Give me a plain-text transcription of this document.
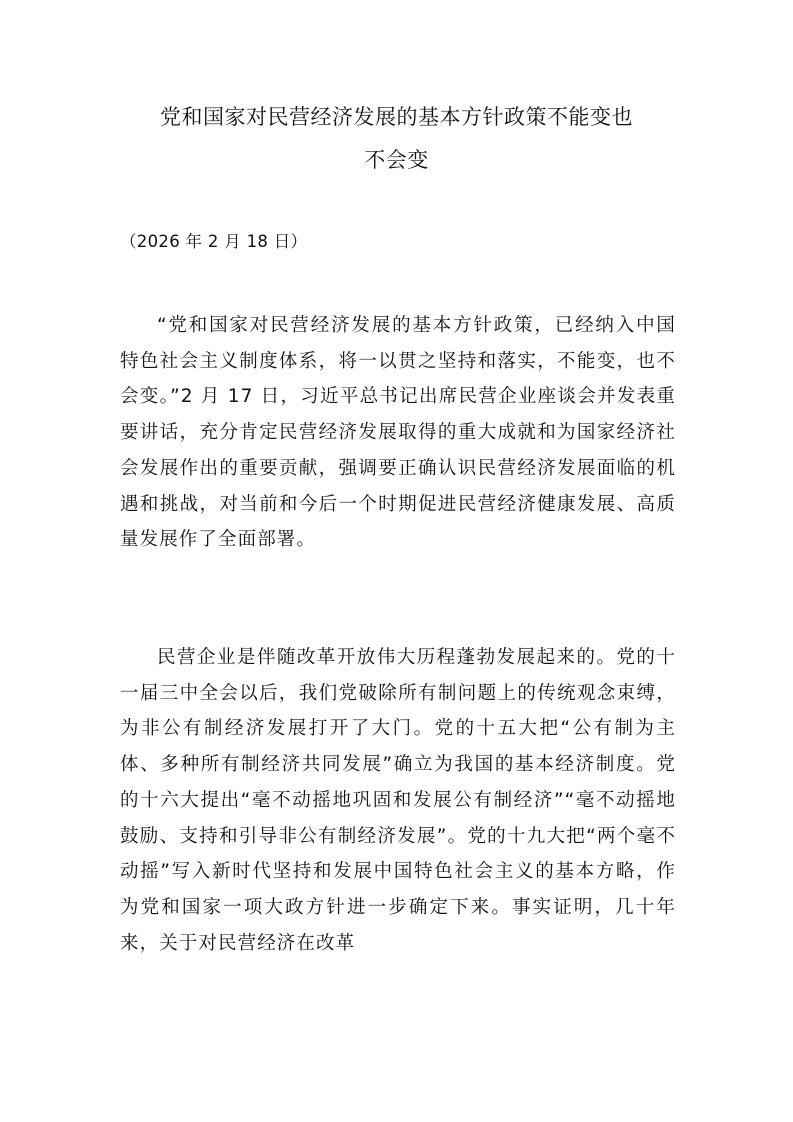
党和国家对民营经济发展的基本方针政策不能变也
不会变
（2026 年 2 月 18 日）

“党和国家对民营经济发展的基本方针政策，已经纳入中国特色社会主义制度体系，将一以贯之坚持和落实，不能变，也不会变。”2 月 17 日，习近平总书记出席民营企业座谈会并发表重要讲话，充分肯定民营经济发展取得的重大成就和为国家经济社会发展作出的重要贡献，强调要正确认识民营经济发展面临的机遇和挑战，对当前和今后一个时期促进民营经济健康发展、高质量发展作了全面部署。

民营企业是伴随改革开放伟大历程蓬勃发展起来的。党的十一届三中全会以后，我们党破除所有制问题上的传统观念束缚，为非公有制经济发展打开了大门。党的十五大把“公有制为主体、多种所有制经济共同发展”确立为我国的基本经济制度。党的十六大提出“毫不动摇地巩固和发展公有制经济”“毫不动摇地鼓励、支持和引导非公有制经济发展”。党的十九大把“两个毫不动摇”写入新时代坚持和发展中国特色社会主义的基本方略，作为党和国家一项大政方针进一步确定下来。事实证明，几十年来，关于对民营经济在改革
